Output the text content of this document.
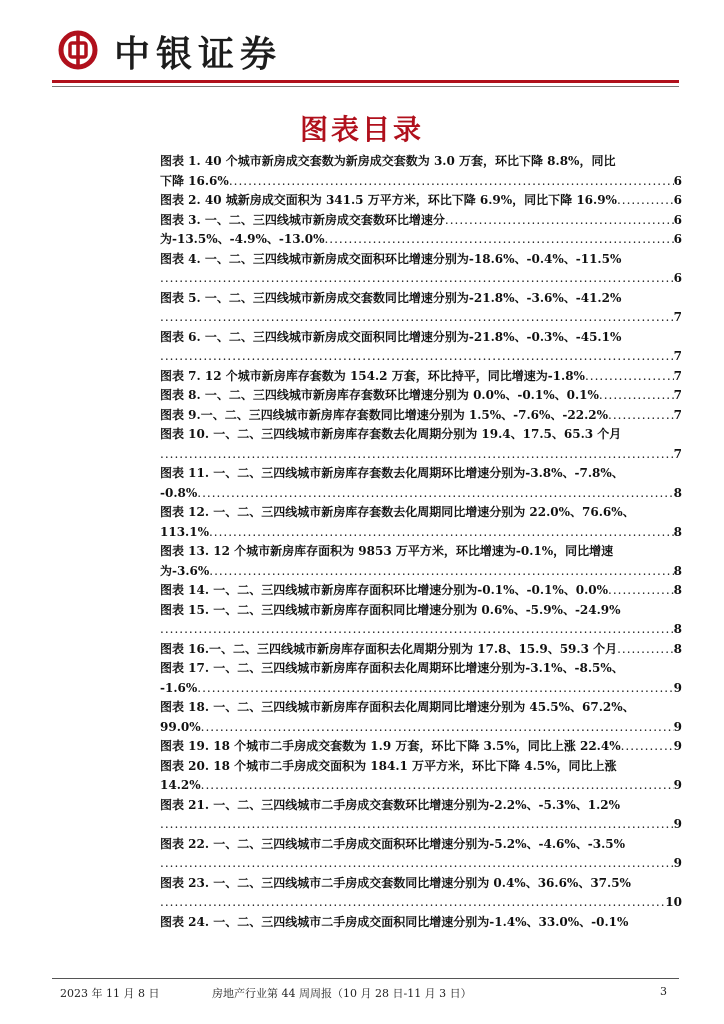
中银证券
图表目录
图表 1. 40 个城市新房成交套数为新房成交套数为 3.0 万套，环比下降 8.8%，同比
下降 16.6% .....	6
图表 2. 40 城新房成交面积为 341.5 万平方米，环比下降 6.9%，同比下降 16.9% .....	6
图表 3. 一、二、三四线城市新房成交套数环比增速分 .....	6
为-13.5%、-4.9%、-13.0% .....	6
图表 4. 一、二、三四线城市新房成交面积环比增速分别为-18.6%、-0.4%、-11.5%
.....
6
图表 5. 一、二、三四线城市新房成交套数同比增速分别为-21.8%、-3.6%、-41.2%
.....
7
图表 6. 一、二、三四线城市新房成交面积同比增速分别为-21.8%、-0.3%、-45.1%
.....
7
图表 7. 12 个城市新房库存套数为 154.2 万套，环比持平，同比增速为-1.8% .....	7
图表 8. 一、二、三四线城市新房库存套数环比增速分别为 0.0%、-0.1%、0.1% .....	7
图表 9.一、二、三四线城市新房库存套数同比增速分别为 1.5%、-7.6%、-22.2% .....	7
图表 10. 一、二、三四线城市新房库存套数去化周期分别为 19.4、17.5、65.3 个月
.....
7
图表 11. 一、二、三四线城市新房库存套数去化周期环比增速分别为-3.8%、-7.8%、
-0.8% .....	8
图表 12. 一、二、三四线城市新房库存套数去化周期同比增速分别为 22.0%、76.6%、
113.1% .....	8
图表 13. 12 个城市新房库存面积为 9853 万平方米，环比增速为-0.1%，同比增速
为-3.6% .....	8
图表 14. 一、二、三四线城市新房库存面积环比增速分别为-0.1%、-0.1%、0.0% .....	8
图表 15. 一、二、三四线城市新房库存面积同比增速分别为 0.6%、-5.9%、-24.9%
.....
8
图表 16.一、二、三四线城市新房库存面积去化周期分别为 17.8、15.9、59.3 个月 .....	8
图表 17. 一、二、三四线城市新房库存面积去化周期环比增速分别为-3.1%、-8.5%、
-1.6% .....	9
图表 18. 一、二、三四线城市新房库存面积去化周期同比增速分别为 45.5%、67.2%、
99.0% .....	9
图表 19. 18 个城市二手房成交套数为 1.9 万套，环比下降 3.5%，同比上涨 22.4% .....	9
图表 20. 18 个城市二手房成交面积为 184.1 万平方米，环比下降 4.5%，同比上涨
14.2% .....	9
图表 21. 一、二、三四线城市二手房成交套数环比增速分别为-2.2%、-5.3%、1.2%
.....
9
图表 22. 一、二、三四线城市二手房成交面积环比增速分别为-5.2%、-4.6%、-3.5%
.....
9
图表 23. 一、二、三四线城市二手房成交套数同比增速分别为 0.4%、36.6%、37.5%
.....
10
图表 24. 一、二、三四线城市二手房成交面积同比增速分别为-1.4%、33.0%、-0.1%
2023 年 11 月 8 日	房地产行业第 44 周周报（10 月 28 日-11 月 3 日）	3
